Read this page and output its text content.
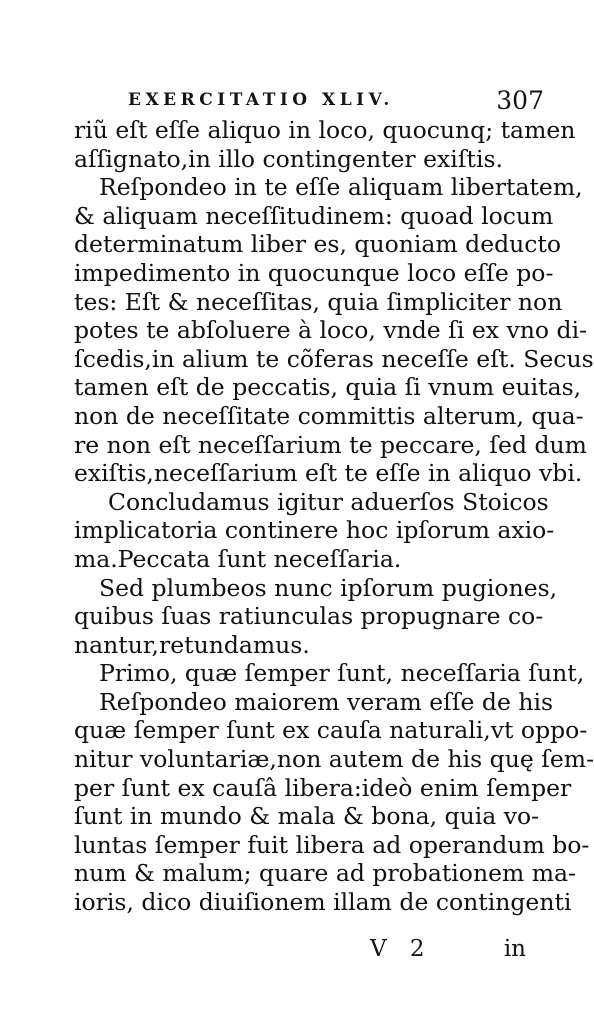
EXERCITATIO XLIV.	307
riũ eſt eſſe aliquo in loco, quocunq; tamen
aſſignato,in illo contingenter exiſtis.
Reſpondeo in te eſſe aliquam libertatem,
& aliquam neceſſitudinem: quoad locum
determinatum liber es, quoniam deducto
impedimento in quocunque loco eſſe po-
tes: Eſt & neceſſitas, quia ſimpliciter non
potes te abſoluere à loco, vnde ſi ex vno di-
ſcedis,in alium te cõferas neceſſe eſt. Secus
tamen eſt de peccatis, quia ſi vnum euitas,
non de neceſſitate committis alterum, qua-
re non eſt neceſſarium te peccare, ſed dum
exiſtis,neceſſarium eſt te eſſe in aliquo vbi.
Concludamus igitur aduerſos Stoicos
implicatoria continere hoc ipſorum axio-
ma.Peccata ſunt neceſſaria.
Sed plumbeos nunc ipſorum pugiones,
quibus ſuas ratiunculas propugnare co-
nantur,retundamus.
Primo, quæ ſemper ſunt, neceſſaria ſunt,
Reſpondeo maiorem veram eſſe de his
quæ ſemper ſunt ex cauſa naturali,vt oppo-
nitur voluntariæ,non autem de his quę ſem-
per ſunt ex cauſâ libera:ideò enim ſemper
ſunt in mundo & mala & bona, quia vo-
luntas ſemper fuit libera ad operandum bo-
num & malum; quare ad probationem ma-
ioris, dico diuiſionem illam de contingenti
V 2	in
